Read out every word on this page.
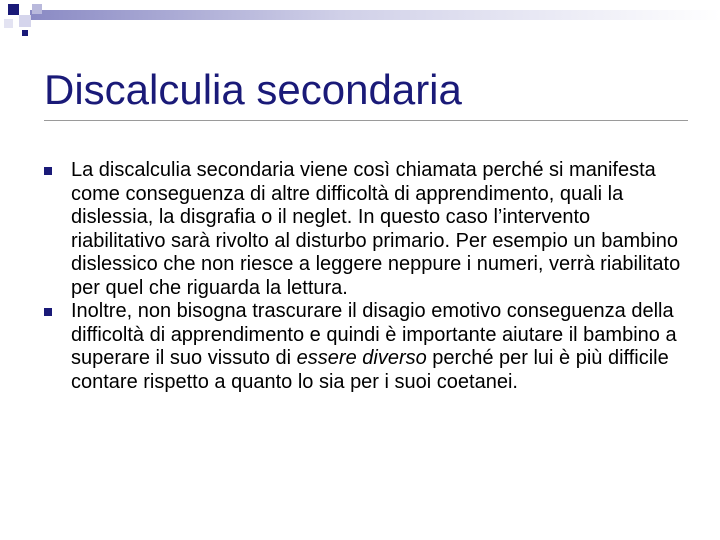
Discalculia secondaria
La discalculia secondaria viene così chiamata perché si manifesta come conseguenza di altre difficoltà di apprendimento, quali la dislessia, la disgrafia o il neglet. In questo caso l’intervento riabilitativo sarà rivolto al disturbo primario. Per esempio un bambino dislessico che non riesce a leggere neppure i numeri, verrà riabilitato per quel che riguarda la lettura.
Inoltre, non bisogna trascurare il disagio emotivo conseguenza della difficoltà di apprendimento e quindi è importante aiutare il bambino a superare il suo vissuto di essere diverso perché per lui è più difficile contare rispetto a quanto lo sia per i suoi coetanei.
